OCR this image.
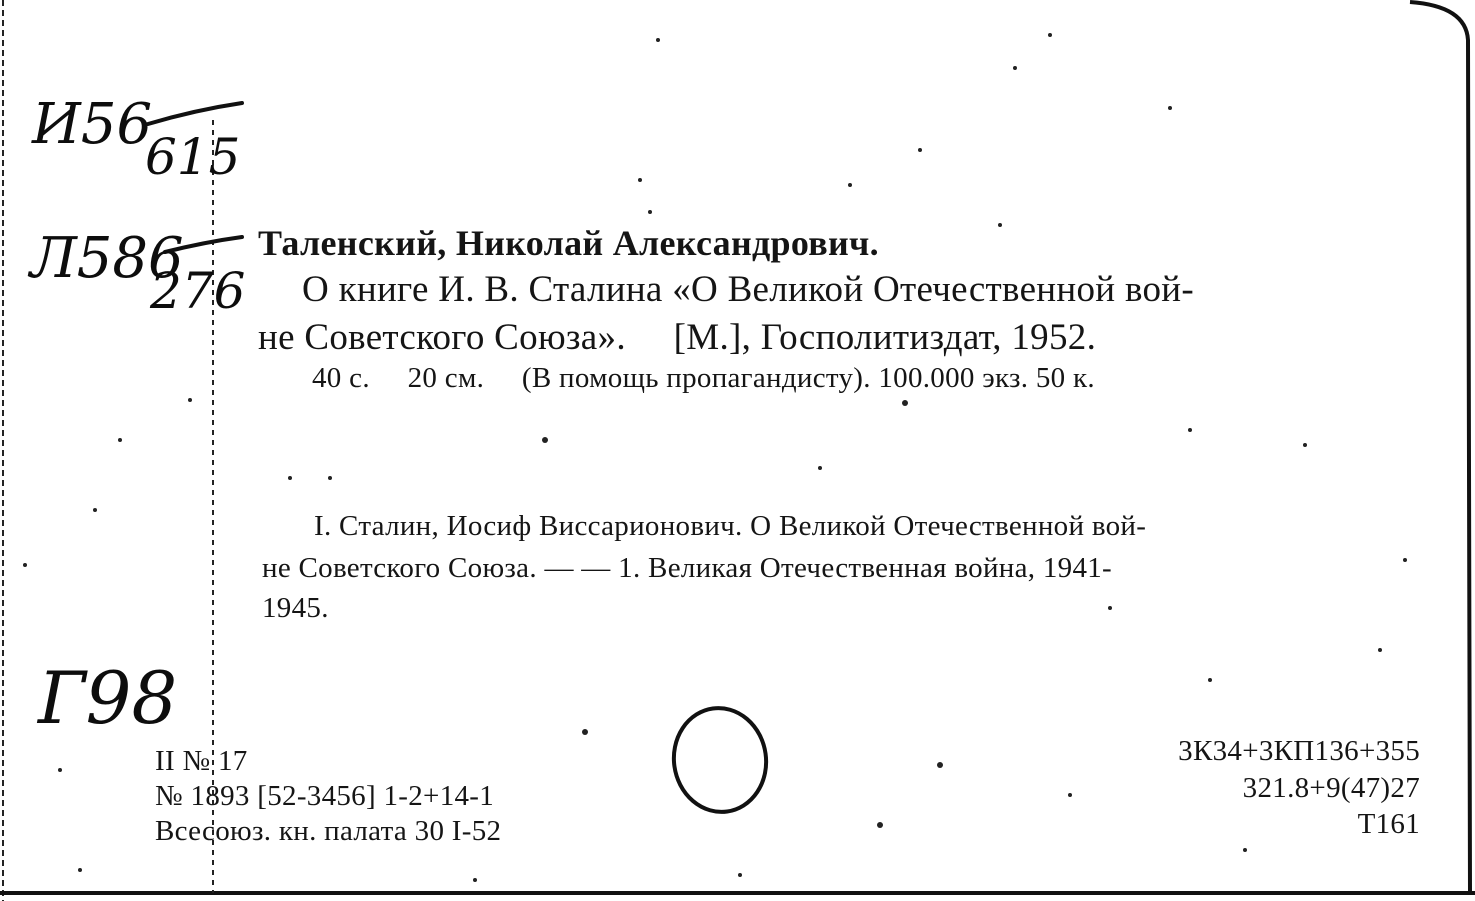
И56
615
Л586
276
Г98
Таленский, Николай Александрович.
О книге И. В. Сталина «О Великой Отечественной вой-
не Советского Союза».     [М.], Госполитиздат, 1952.
40 с.     20 см.     (В помощь пропагандисту). 100.000 экз. 50 к.
I. Сталин, Иосиф Виссарионович. О Великой Отечественной вой-
не Советского Союза. — — 1. Великая Отечественная война, 1941-
1945.
II № 17
№ 1893 [52-3456] 1-2+14-1
Всесоюз. кн. палата 30 I-52
3К34+3КП136+355
321.8+9(47)27
Т161
